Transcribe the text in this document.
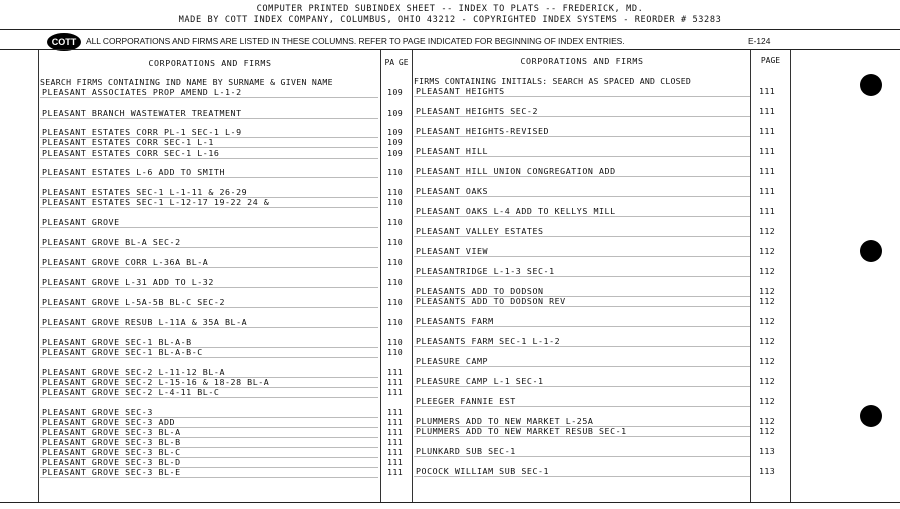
COMPUTER PRINTED SUBINDEX SHEET -- INDEX TO PLATS -- FREDERICK, MD.
MADE BY COTT INDEX COMPANY, COLUMBUS, OHIO 43212 - COPYRIGHTED INDEX SYSTEMS - REORDER # 53283
COTT	ALL CORPORATIONS AND FIRMS ARE LISTED IN THESE COLUMNS. REFER TO PAGE INDICATED FOR BEGINNING OF INDEX ENTRIES.	E-124
CORPORATIONS AND FIRMS	PA GE
SEARCH FIRMS CONTAINING IND NAME BY SURNAME & GIVEN NAME
CORPORATIONS AND FIRMS	PAGE
FIRMS CONTAINING INITIALS: SEARCH AS SPACED AND CLOSED
PLEASANT ASSOCIATES PROP AMEND L-1-2	109
PLEASANT BRANCH WASTEWATER TREATMENT	109
PLEASANT ESTATES CORR PL-1 SEC-1 L-9	109
PLEASANT ESTATES CORR SEC-1 L-1	109
PLEASANT ESTATES CORR SEC-1 L-16	109
PLEASANT ESTATES L-6 ADD TO SMITH	110
PLEASANT ESTATES SEC-1 L-1-11 & 26-29	110
PLEASANT ESTATES SEC-1 L-12-17 19-22 24 &	110
PLEASANT GROVE	110
PLEASANT GROVE BL-A SEC-2	110
PLEASANT GROVE CORR L-36A BL-A	110
PLEASANT GROVE L-31 ADD TO L-32	110
PLEASANT GROVE L-5A-5B BL-C SEC-2	110
PLEASANT GROVE RESUB L-11A & 35A BL-A	110
PLEASANT GROVE SEC-1 BL-A-B	110
PLEASANT GROVE SEC-1 BL-A-B-C	110
PLEASANT GROVE SEC-2 L-11-12 BL-A	111
PLEASANT GROVE SEC-2 L-15-16 & 18-28 BL-A	111
PLEASANT GROVE SEC-2 L-4-11 BL-C	111
PLEASANT GROVE SEC-3	111
PLEASANT GROVE SEC-3 ADD	111
PLEASANT GROVE SEC-3 BL-A	111
PLEASANT GROVE SEC-3 BL-B	111
PLEASANT GROVE SEC-3 BL-C	111
PLEASANT GROVE SEC-3 BL-D	111
PLEASANT GROVE SEC-3 BL-E	111
PLEASANT HEIGHTS	111
PLEASANT HEIGHTS SEC-2	111
PLEASANT HEIGHTS-REVISED	111
PLEASANT HILL	111
PLEASANT HILL UNION CONGREGATION ADD	111
PLEASANT OAKS	111
PLEASANT OAKS L-4 ADD TO KELLYS MILL	111
PLEASANT VALLEY ESTATES	112
PLEASANT VIEW	112
PLEASANTRIDGE L-1-3 SEC-1	112
PLEASANTS ADD TO DODSON	112
PLEASANTS ADD TO DODSON REV	112
PLEASANTS FARM	112
PLEASANTS FARM SEC-1 L-1-2	112
PLEASURE CAMP	112
PLEASURE CAMP L-1 SEC-1	112
PLEEGER FANNIE EST	112
PLUMMERS ADD TO NEW MARKET L-25A	112
PLUMMERS ADD TO NEW MARKET RESUB SEC-1	112
PLUNKARD SUB SEC-1	113
POCOCK WILLIAM SUB SEC-1	113
